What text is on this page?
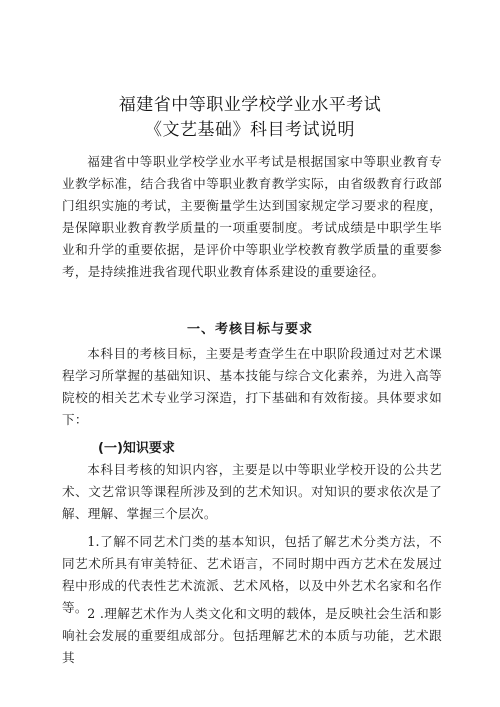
福建省中等职业学校学业水平考试
《文艺基础》科目考试说明
福建省中等职业学校学业水平考试是根据国家中等职业教育专业教学标准，结合我省中等职业教育教学实际，由省级教育行政部门组织实施的考试，主要衡量学生达到国家规定学习要求的程度，是保障职业教育教学质量的一项重要制度。考试成绩是中职学生毕业和升学的重要依据，是评价中等职业学校教育教学质量的重要参考，是持续推进我省现代职业教育体系建设的重要途径。
一、考核目标与要求
本科目的考核目标，主要是考查学生在中职阶段通过对艺术课程学习所掌握的基础知识、基本技能与综合文化素养，为进入高等院校的相关艺术专业学习深造，打下基础和有效衔接。具体要求如下：
(一)知识要求
本科目考核的知识内容，主要是以中等职业学校开设的公共艺术、文艺常识等课程所涉及到的艺术知识。对知识的要求依次是了解、理解、掌握三个层次。
1.了解不同艺术门类的基本知识，包括了解艺术分类方法，不同艺术所具有审美特征、艺术语言，不同时期中西方艺术在发展过程中形成的代表性艺术流派、艺术风格，以及中外艺术名家和名作等。 2 .理解艺术作为人类文化和文明的载体，是反映社会生活和影响社会发展的重要组成部分。包括理解艺术的本质与功能，艺术跟其
